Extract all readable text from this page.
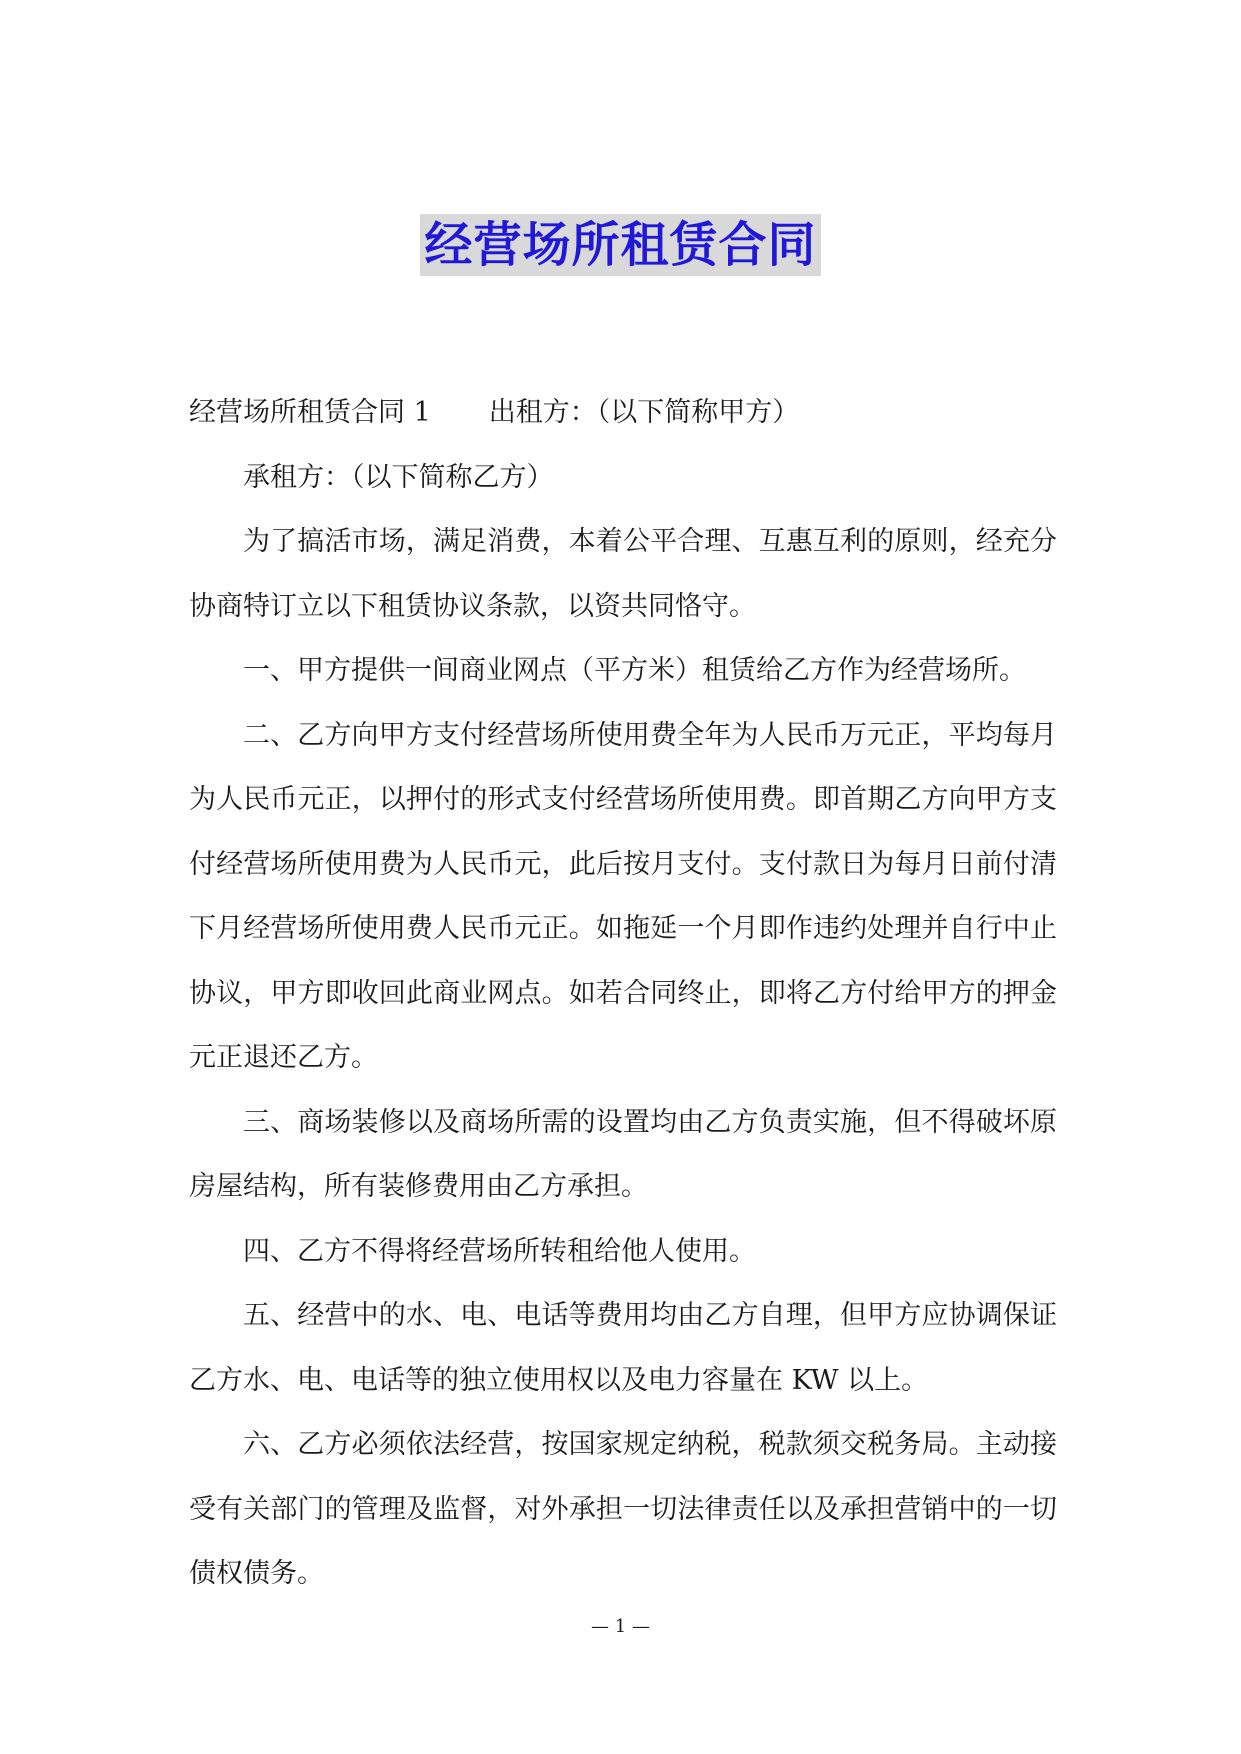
经营场所租赁合同

经营场所租赁合同 1 出租方：（以下简称甲方）

承租方：（以下简称乙方）

为了搞活市场，满足消费，本着公平合理、互惠互利的原则，经充分协商特订立以下租赁协议条款，以资共同恪守。

一、甲方提供一间商业网点（平方米）租赁给乙方作为经营场所。

二、乙方向甲方支付经营场所使用费全年为人民币万元正，平均每月为人民币元正，以押付的形式支付经营场所使用费。即首期乙方向甲方支付经营场所使用费为人民币元，此后按月支付。支付款日为每月日前付清下月经营场所使用费人民币元正。如拖延一个月即作违约处理并自行中止协议，甲方即收回此商业网点。如若合同终止，即将乙方付给甲方的押金元正退还乙方。

三、商场装修以及商场所需的设置均由乙方负责实施，但不得破坏原房屋结构，所有装修费用由乙方承担。

四、乙方不得将经营场所转租给他人使用。

五、经营中的水、电、电话等费用均由乙方自理，但甲方应协调保证乙方水、电、电话等的独立使用权以及电力容量在 KW 以上。

六、乙方必须依法经营，按国家规定纳税，税款须交税务局。主动接受有关部门的管理及监督，对外承担一切法律责任以及承担营销中的一切债权债务。

— 1 —
